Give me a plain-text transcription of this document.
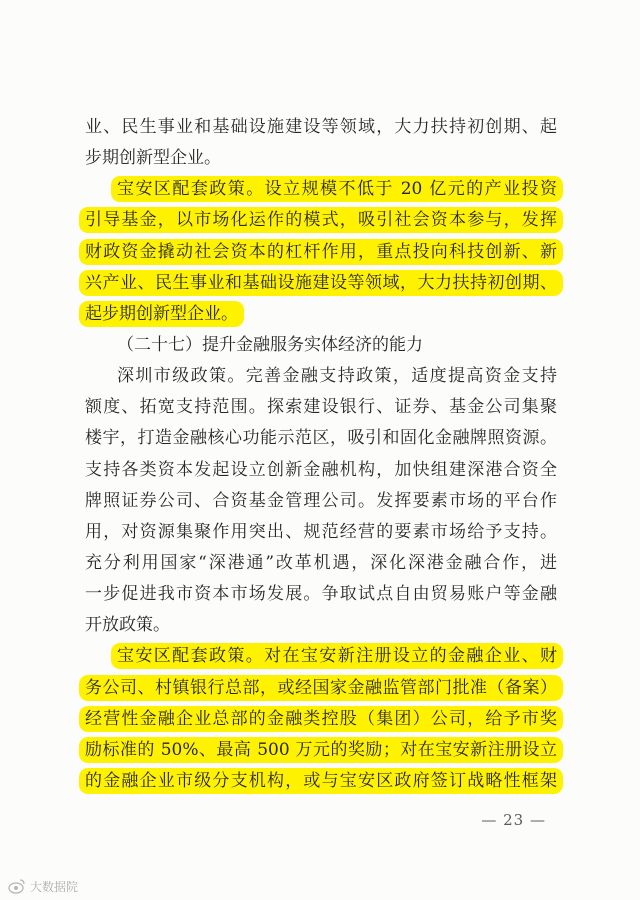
业、民生事业和基础设施建设等领域，大力扶持初创期、起
步期创新型企业。
宝安区配套政策。设立规模不低于 20 亿元的产业投资
引导基金，以市场化运作的模式，吸引社会资本参与，发挥
财政资金撬动社会资本的杠杆作用，重点投向科技创新、新
兴产业、民生事业和基础设施建设等领域，大力扶持初创期、
起步期创新型企业。
（二十七）提升金融服务实体经济的能力
深圳市级政策。完善金融支持政策，适度提高资金支持
额度、拓宽支持范围。探索建设银行、证券、基金公司集聚
楼宇，打造金融核心功能示范区，吸引和固化金融牌照资源。
支持各类资本发起设立创新金融机构，加快组建深港合资全
牌照证券公司、合资基金管理公司。发挥要素市场的平台作
用，对资源集聚作用突出、规范经营的要素市场给予支持。
充分利用国家“深港通”改革机遇，深化深港金融合作，进
一步促进我市资本市场发展。争取试点自由贸易账户等金融
开放政策。
宝安区配套政策。对在宝安新注册设立的金融企业、财
务公司、村镇银行总部，或经国家金融监管部门批准（备案）
经营性金融企业总部的金融类控股（集团）公司，给予市奖
励标准的 50%、最高 500 万元的奖励；对在宝安新注册设立
的金融企业市级分支机构，或与宝安区政府签订战略性框架
— 23 —
大数据院
